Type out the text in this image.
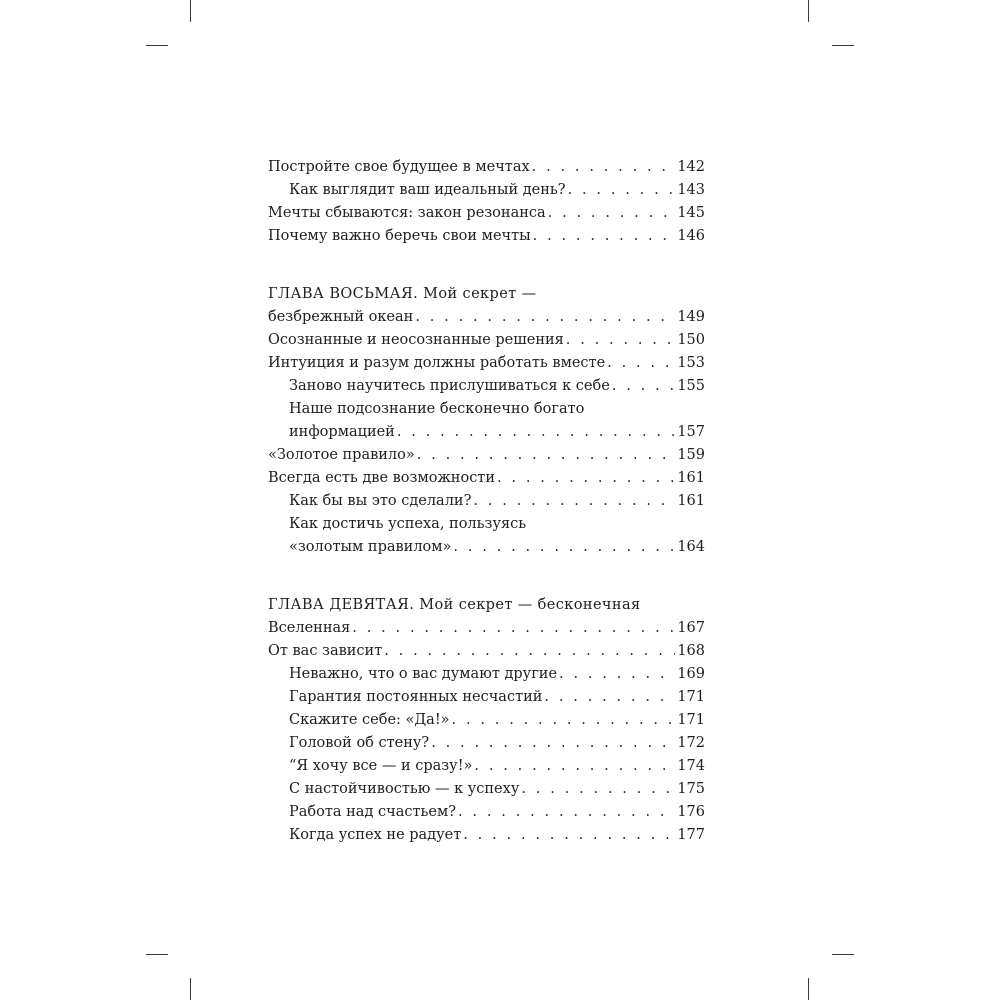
Постройте свое будущее в мечтах . . .	142
Как выглядит ваш идеальный день? . . .	143
Мечты сбываются: закон резонанса . . .	145
Почему важно беречь свои мечты . . .	146
ГЛАВА ВОСЬМАЯ. Мой секрет —
безбрежный океан . . .	149
Осознанные и неосознанные решения . . .	150
Интуиция и разум должны работать вместе . . .	153
Заново научитесь прислушиваться к себе . . .	155
Наше подсознание бесконечно богато
информацией . . .	157
«Золотое правило» . . .	159
Всегда есть две возможности . . .	161
Как бы вы это сделали? . . .	161
Как достичь успеха, пользуясь
«золотым правилом» . . .	164
ГЛАВА ДЕВЯТАЯ. Мой секрет — бесконечная
Вселенная . . .	167
От вас зависит . . .	168
Неважно, что о вас думают другие . . .	169
Гарантия постоянных несчастий . . .	171
Скажите себе: «Да!» . . .	171
Головой об стену? . . .	172
“Я хочу все — и сразу!» . . .	174
С настойчивостью — к успеху . . .	175
Работа над счастьем? . . .	176
Когда успех не радует . . .	177
